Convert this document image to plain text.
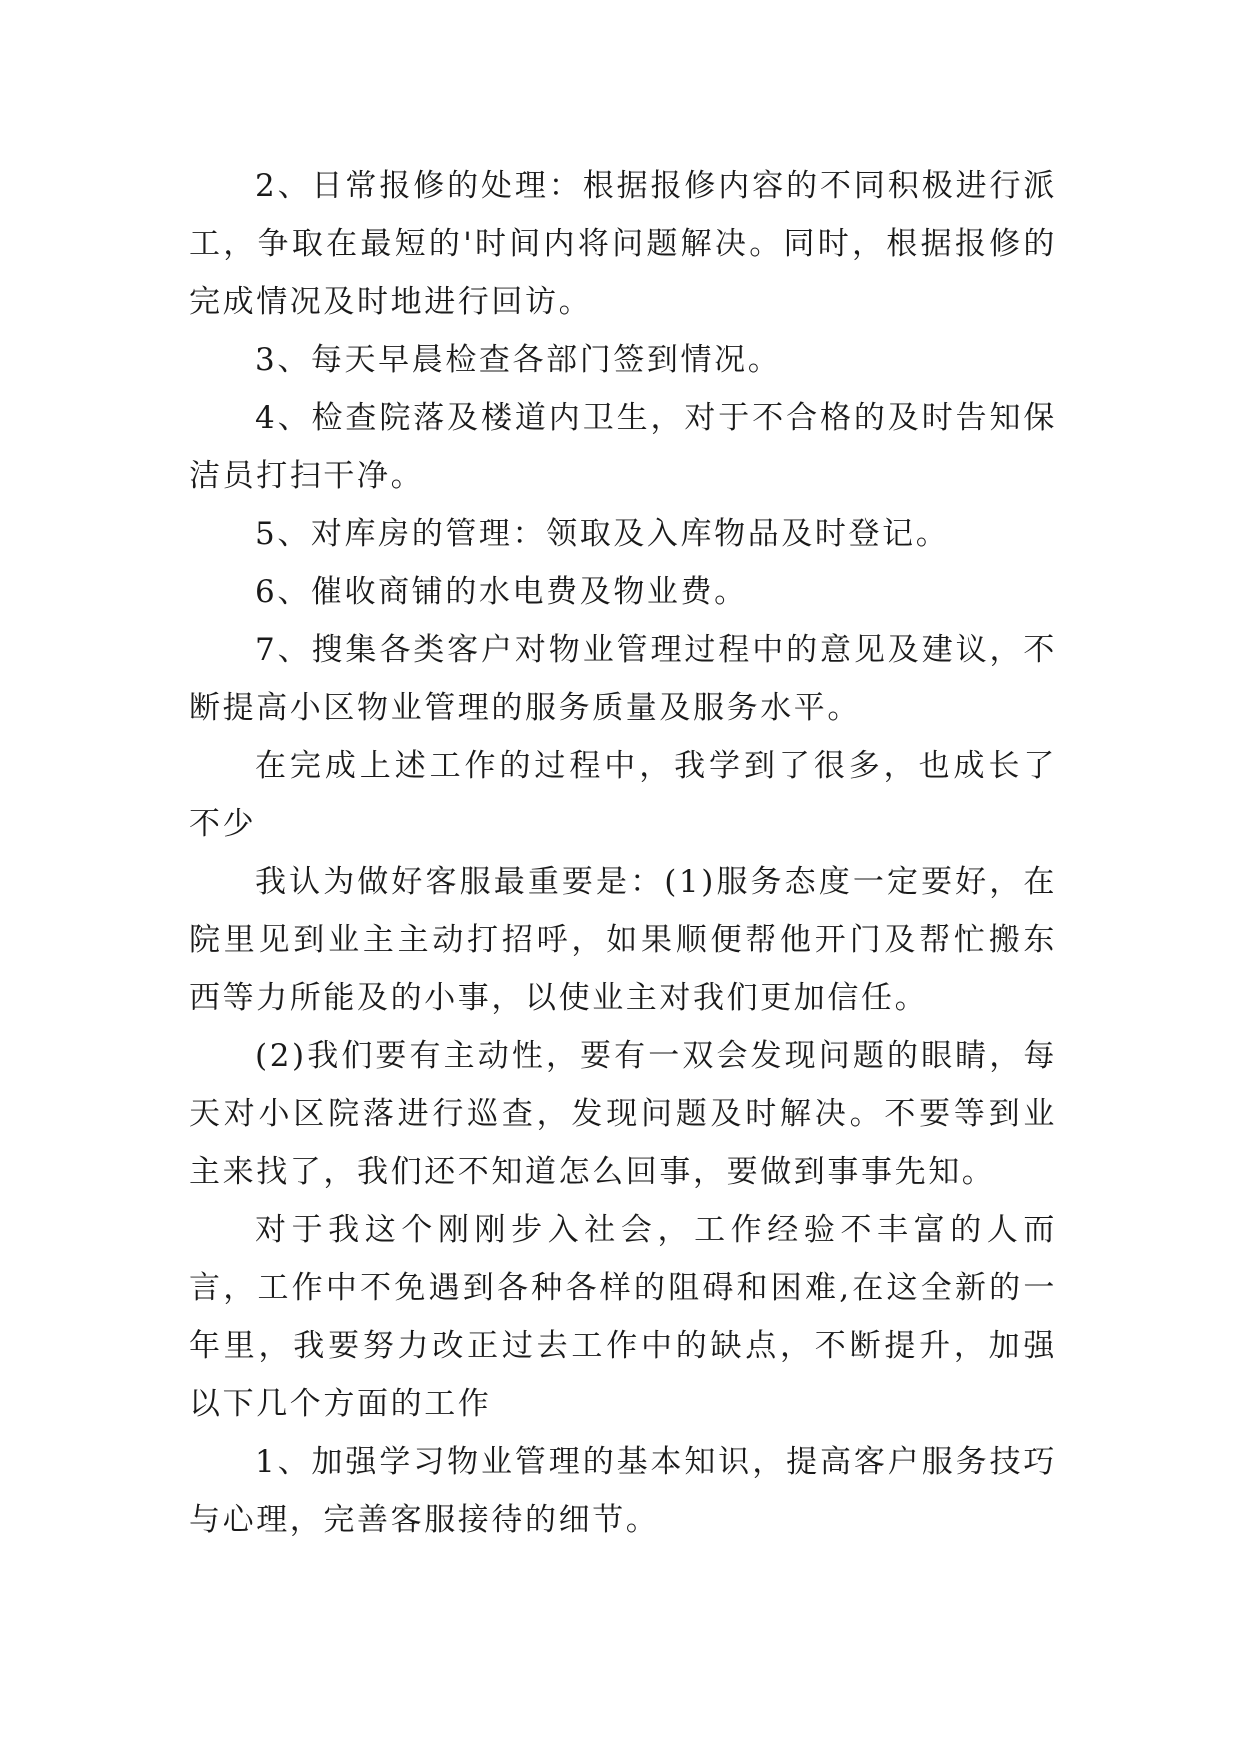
2、日常报修的处理：根据报修内容的不同积极进行派工，争取在最短的'时间内将问题解决。同时，根据报修的完成情况及时地进行回访。

3、每天早晨检查各部门签到情况。

4、检查院落及楼道内卫生，对于不合格的及时告知保洁员打扫干净。

5、对库房的管理：领取及入库物品及时登记。

6、催收商铺的水电费及物业费。

7、搜集各类客户对物业管理过程中的意见及建议，不断提高小区物业管理的服务质量及服务水平。

在完成上述工作的过程中，我学到了很多，也成长了不少

我认为做好客服最重要是：(1)服务态度一定要好，在院里见到业主主动打招呼，如果顺便帮他开门及帮忙搬东西等力所能及的小事，以使业主对我们更加信任。

(2)我们要有主动性，要有一双会发现问题的眼睛，每天对小区院落进行巡查，发现问题及时解决。不要等到业主来找了，我们还不知道怎么回事，要做到事事先知。

对于我这个刚刚步入社会，工作经验不丰富的人而言，工作中不免遇到各种各样的阻碍和困难,在这全新的一年里，我要努力改正过去工作中的缺点，不断提升，加强以下几个方面的工作

1、加强学习物业管理的基本知识，提高客户服务技巧与心理，完善客服接待的细节。
